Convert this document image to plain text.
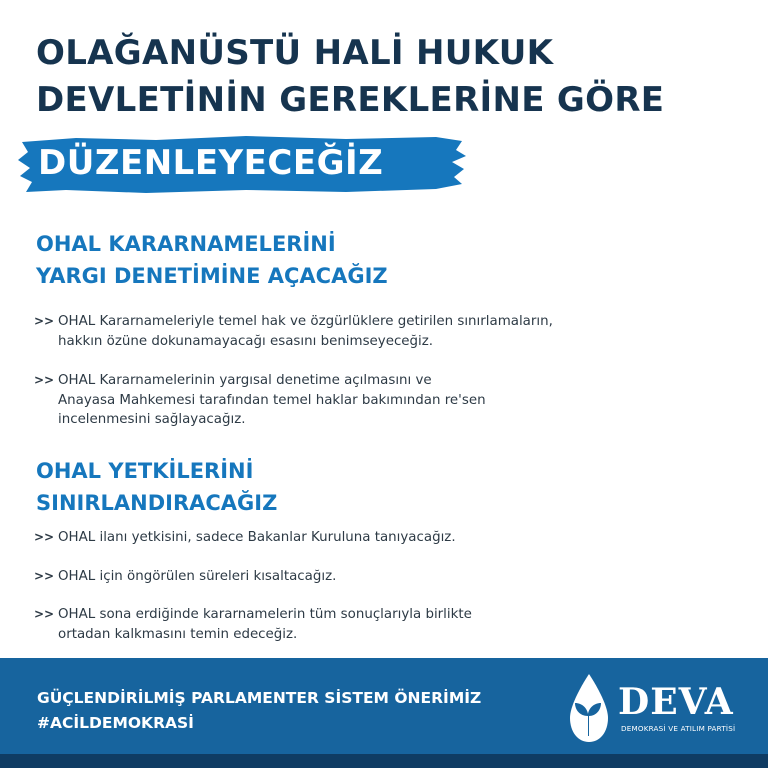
OLAĞANÜSTÜ HALİ HUKUK
DEVLETİNİN GEREKLERİNE GÖRE
DÜZENLEYECEĞİZ
OHAL KARARNAMELERİNİ
YARGI DENETİMİNE AÇACAĞIZ
>> OHAL Kararnameleriyle temel hak ve özgürlüklere getirilen sınırlamaların,
hakkın özüne dokunamayacağı esasını benimseyeceğiz.
>> OHAL Kararnamelerinin yargısal denetime açılmasını ve
Anayasa Mahkemesi tarafından temel haklar bakımından re'sen
incelenmesini sağlayacağız.
OHAL YETKİLERİNİ
SINIRLANDIRACAĞIZ
>> OHAL ilanı yetkisini, sadece Bakanlar Kuruluna tanıyacağız.
>> OHAL için öngörülen süreleri kısaltacağız.
>> OHAL sona erdiğinde kararnamelerin tüm sonuçlarıyla birlikte
ortadan kalkmasını temin edeceğiz.
GÜÇLENDİRİLMİŞ PARLAMENTER SİSTEM ÖNERİMİZ
#ACİLDEMOKRASİ	DEVA
DEMOKRASİ VE ATILIM PARTİSİ
